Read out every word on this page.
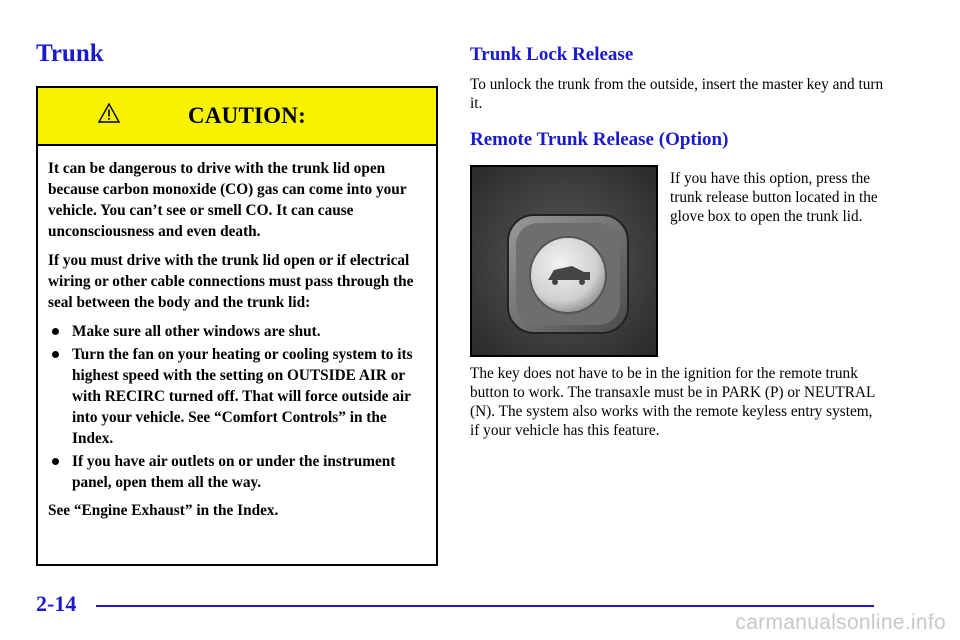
Trunk
CAUTION:

It can be dangerous to drive with the trunk lid open because carbon monoxide (CO) gas can come into your vehicle. You can’t see or smell CO. It can cause unconsciousness and even death.

If you must drive with the trunk lid open or if electrical wiring or other cable connections must pass through the seal between the body and the trunk lid:

Make sure all other windows are shut.
Turn the fan on your heating or cooling system to its highest speed with the setting on OUTSIDE AIR or with RECIRC turned off. That will force outside air into your vehicle. See “Comfort Controls” in the Index.
If you have air outlets on or under the instrument panel, open them all the way.

See “Engine Exhaust” in the Index.

Trunk Lock Release

To unlock the trunk from the outside, insert the master key and turn it.

Remote Trunk Release (Option)

If you have this option, press the trunk release button located in the glove box to open the trunk lid.

The key does not have to be in the ignition for the remote trunk button to work. The transaxle must be in PARK (P) or NEUTRAL (N). The system also works with the remote keyless entry system, if your vehicle has this feature.

2-14
carmanualsonline.info
